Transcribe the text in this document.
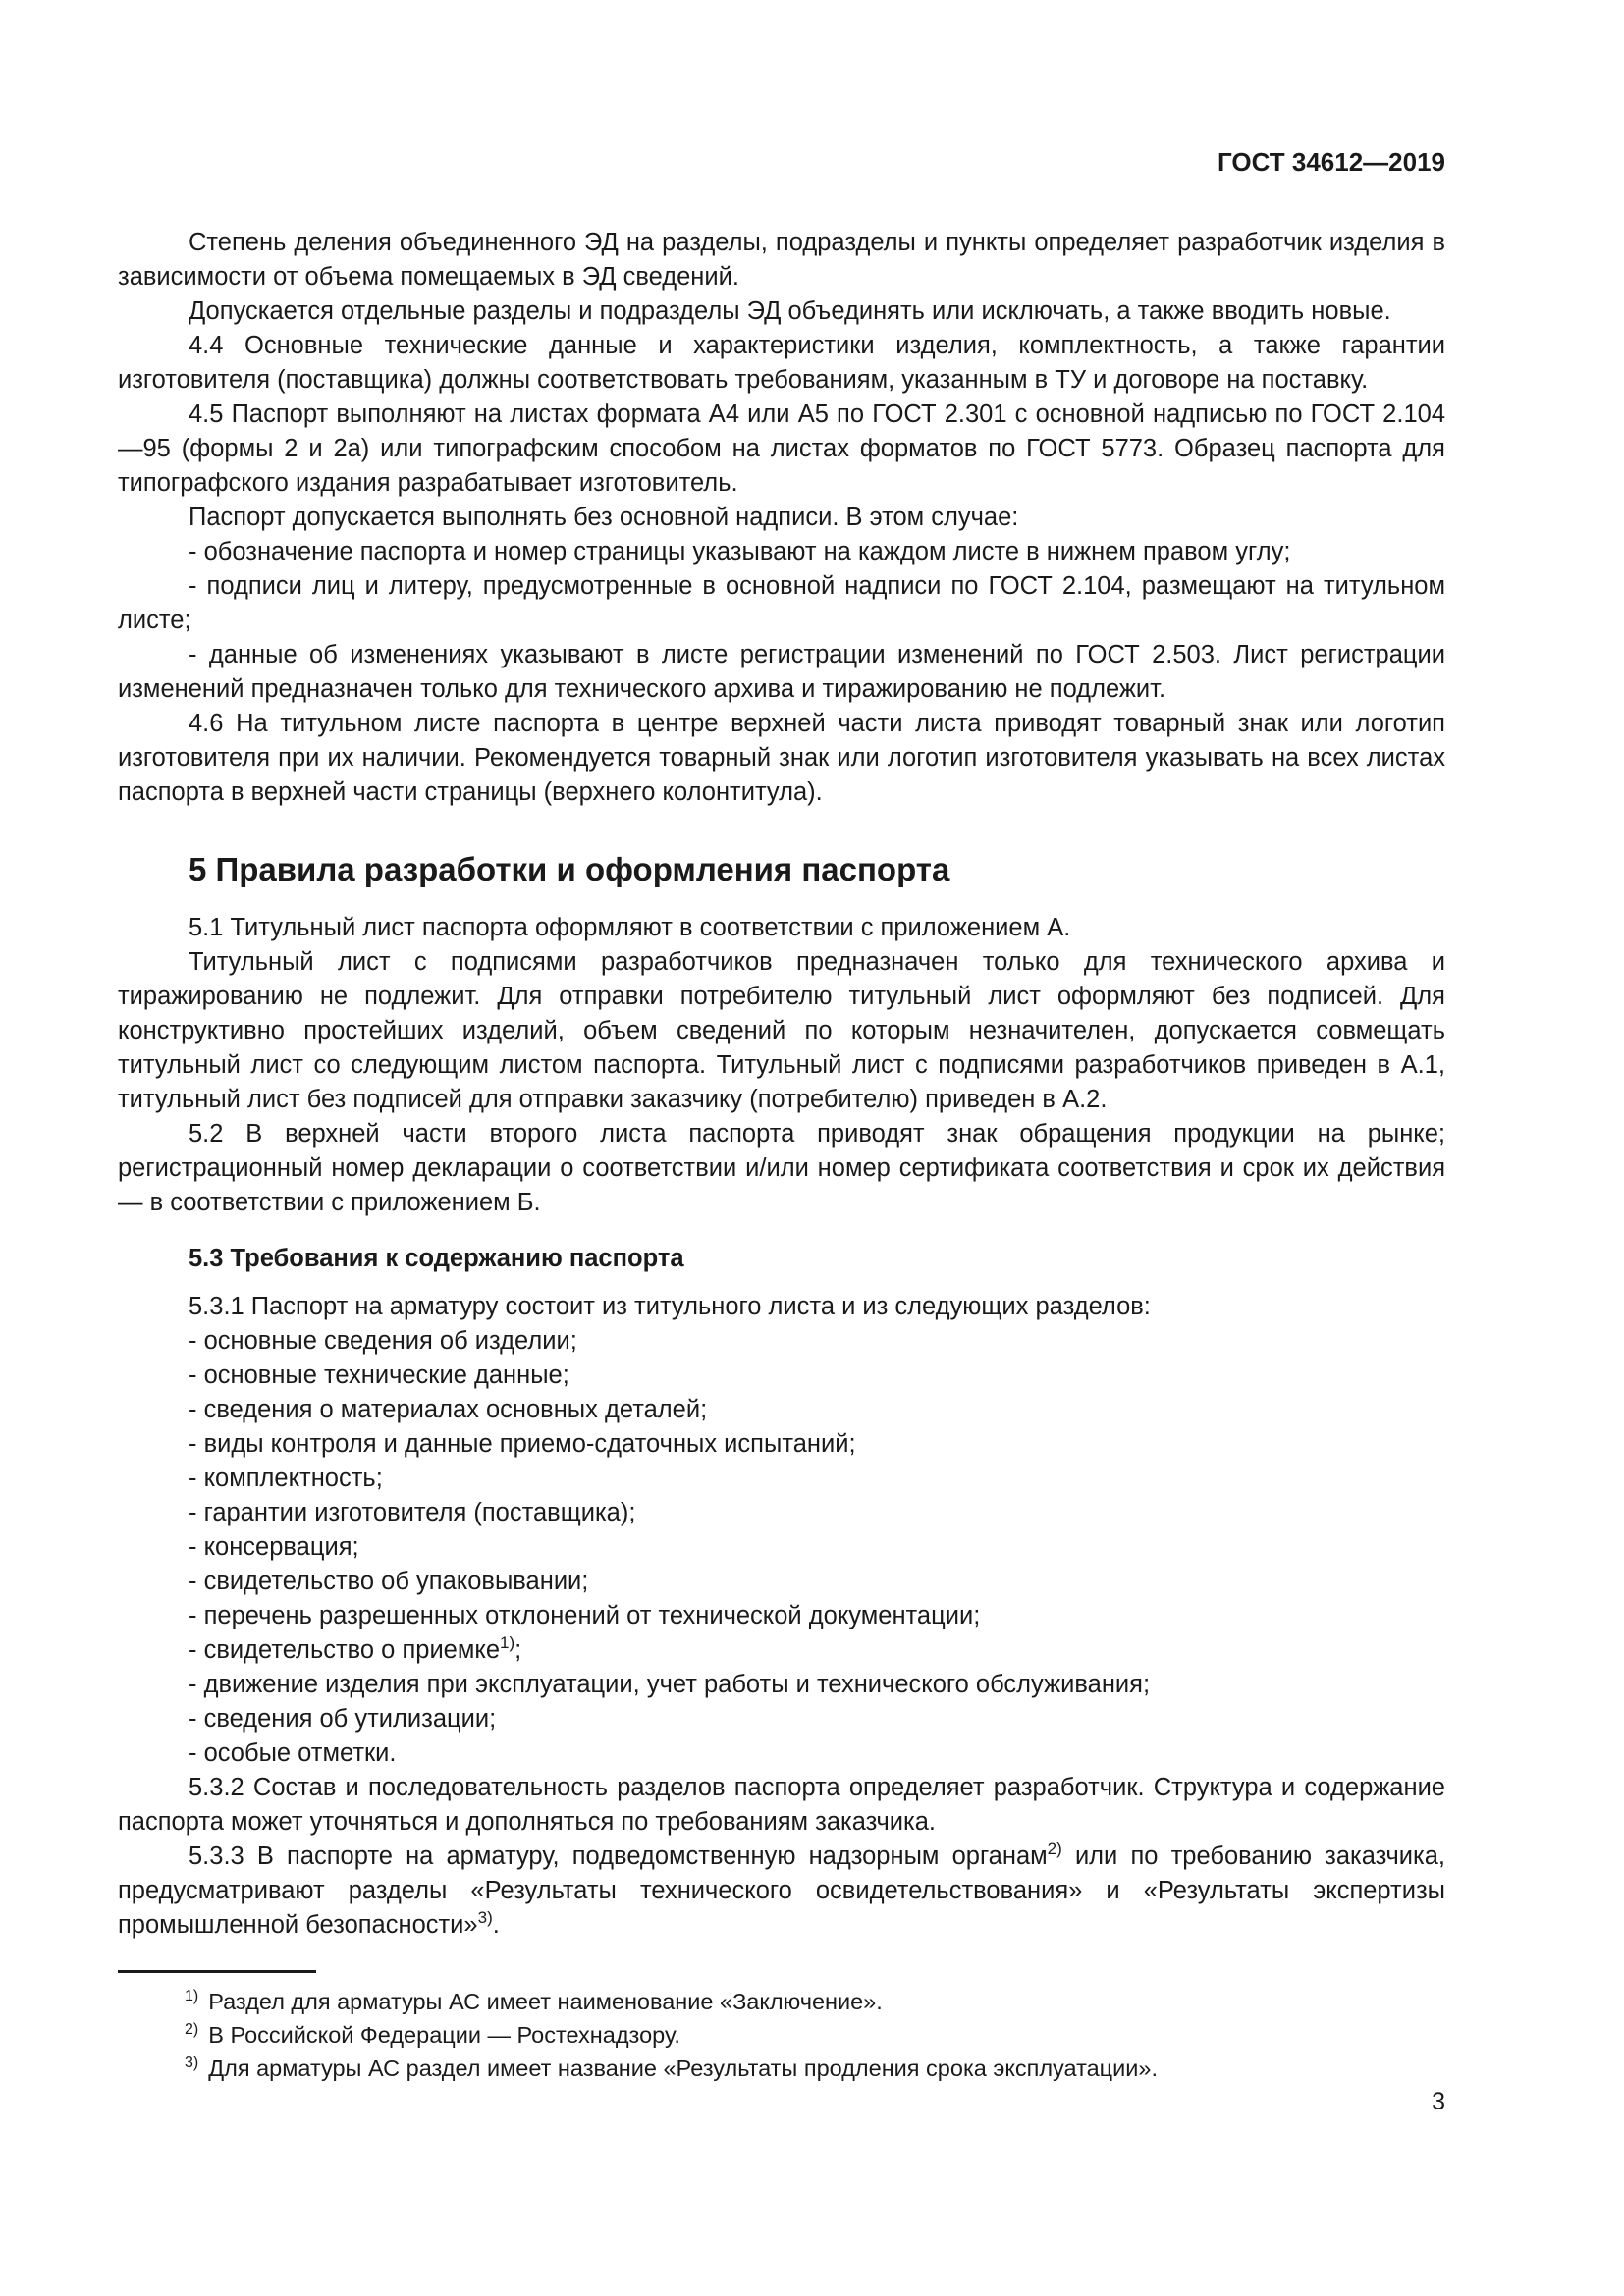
ГОСТ 34612—2019

Степень деления объединенного ЭД на разделы, подразделы и пункты определяет разработчик изделия в зависимости от объема помещаемых в ЭД сведений.

Допускается отдельные разделы и подразделы ЭД объединять или исключать, а также вводить новые.

4.4 Основные технические данные и характеристики изделия, комплектность, а также гарантии изготовителя (поставщика) должны соответствовать требованиям, указанным в ТУ и договоре на поставку.

4.5 Паспорт выполняют на листах формата А4 или А5 по ГОСТ 2.301 с основной надписью по ГОСТ 2.104—95 (формы 2 и 2а) или типографским способом на листах форматов по ГОСТ 5773. Образец паспорта для типографского издания разрабатывает изготовитель.

Паспорт допускается выполнять без основной надписи. В этом случае:

- обозначение паспорта и номер страницы указывают на каждом листе в нижнем правом углу;

- подписи лиц и литеру, предусмотренные в основной надписи по ГОСТ 2.104, размещают на титульном листе;

- данные об изменениях указывают в листе регистрации изменений по ГОСТ 2.503. Лист регистрации изменений предназначен только для технического архива и тиражированию не подлежит.

4.6 На титульном листе паспорта в центре верхней части листа приводят товарный знак или логотип изготовителя при их наличии. Рекомендуется товарный знак или логотип изготовителя указывать на всех листах паспорта в верхней части страницы (верхнего колонтитула).

5 Правила разработки и оформления паспорта

5.1 Титульный лист паспорта оформляют в соответствии с приложением А.

Титульный лист с подписями разработчиков предназначен только для технического архива и тиражированию не подлежит. Для отправки потребителю титульный лист оформляют без подписей. Для конструктивно простейших изделий, объем сведений по которым незначителен, допускается совмещать титульный лист со следующим листом паспорта. Титульный лист с подписями разработчиков приведен в А.1, титульный лист без подписей для отправки заказчику (потребителю) приведен в А.2.

5.2 В верхней части второго листа паспорта приводят знак обращения продукции на рынке; регистрационный номер декларации о соответствии и/или номер сертификата соответствия и срок их действия — в соответствии с приложением Б.

5.3 Требования к содержанию паспорта

5.3.1 Паспорт на арматуру состоит из титульного листа и из следующих разделов:

- основные сведения об изделии;
- основные технические данные;
- сведения о материалах основных деталей;
- виды контроля и данные приемо-сдаточных испытаний;
- комплектность;
- гарантии изготовителя (поставщика);
- консервация;
- свидетельство об упаковывании;
- перечень разрешенных отклонений от технической документации;
- свидетельство о приемке$^{1)}$;
- движение изделия при эксплуатации, учет работы и технического обслуживания;
- сведения об утилизации;
- особые отметки.

5.3.2 Состав и последовательность разделов паспорта определяет разработчик. Структура и содержание паспорта может уточняться и дополняться по требованиям заказчика.

5.3.3 В паспорте на арматуру, подведомственную надзорным органам$^{2)}$ или по требованию заказчика, предусматривают разделы «Результаты технического освидетельствования» и «Результаты экспертизы промышленной безопасности»$^{3)}$.

$^{1)}$ Раздел для арматуры АС имеет наименование «Заключение».
$^{2)}$ В Российской Федерации — Ростехнадзору.
$^{3)}$ Для арматуры АС раздел имеет название «Результаты продления срока эксплуатации».
3
